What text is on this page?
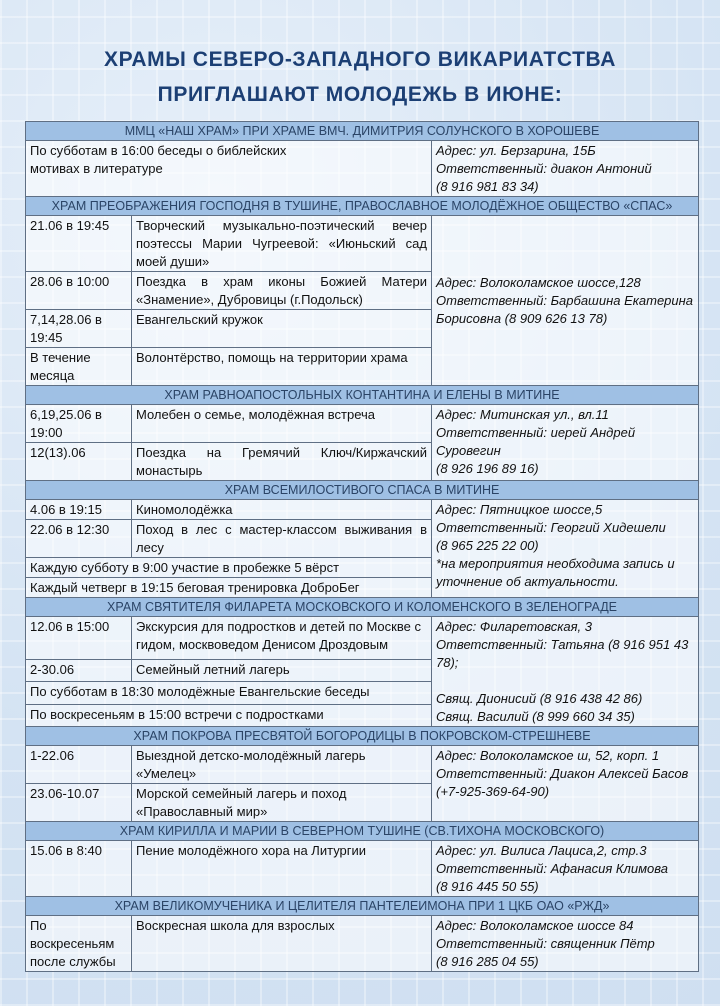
ХРАМЫ СЕВЕРО-ЗАПАДНОГО ВИКАРИАТСТВА
ПРИГЛАШАЮТ МОЛОДЕЖЬ В ИЮНЕ:
ММЦ «НАШ ХРАМ» ПРИ ХРАМЕ ВМЧ. ДИМИТРИЯ СОЛУНСКОГО В ХОРОШЕВЕ		
По субботам в 16:00 беседы о библейских мотивах в литературе		Адрес: ул. Берзарина, 15Б
Ответственный: диакон Антоний
(8 916 981 83 34)

ХРАМ ПРЕОБРАЖЕНИЯ ГОСПОДНЯ В ТУШИНЕ, ПРАВОСЛАВНОЕ МОЛОДЁЖНОЕ ОБЩЕСТВО «СПАС»		
21.06 в 19:45	Творческий музыкально-поэтический вечер поэтессы Марии Чугреевой: «Июньский сад моей души»	Адрес: Волоколамское шоссе,128
Ответственный: Барбашина Екатерина
Борисовна (8 909 626 13 78)

28.06 в 10:00	Поездка в храм иконы Божией Матери «Знамение», Дубровицы (г.Подольск)	
7,14,28.06 в 19:45	Евангельский кружок	
В течение месяца	Волонтёрство, помощь на территории храма	
ХРАМ РАВНОАПОСТОЛЬНЫХ КОНТАНТИНА И ЕЛЕНЫ В МИТИНЕ		
6,19,25.06 в 19:00	Молебен о семье, молодёжная встреча	Адрес: Митинская ул., вл.11
Ответственный: иерей Андрей Суровегин
(8 926 196 89 16)

12(13).06	Поездка на Гремячий Ключ/Киржачский монастырь	
ХРАМ ВСЕМИЛОСТИВОГО СПАСА В МИТИНЕ		
4.06 в 19:15	Киномолодёжка	Адрес: Пятницкое шоссе,5
Ответственный: Георгий Хидешели
(8 965 225 22 00)
*на мероприятия необходима запись и
уточнение об актуальности.

22.06 в 12:30	Поход в лес с мастер-классом выживания в лесу	
Каждую субботу в 9:00 участие в пробежке 5 вёрст		
Каждый четверг в 19:15 беговая тренировка ДоброБег		
ХРАМ СВЯТИТЕЛЯ ФИЛАРЕТА МОСКОВСКОГО И КОЛОМЕНСКОГО В ЗЕЛЕНОГРАДЕ		
12.06 в 15:00	Экскурсия для подростков и детей по Москве с гидом, москвоведом Денисом Дроздовым	Адрес: Филаретовская, 3
Ответственный: Татьяна (8 916 951 43 78);
Свящ. Дионисий (8 916 438 42 86)
Свящ. Василий (8 999 660 34 35)

2-30.06	Семейный летний лагерь	
По субботам в 18:30 молодёжные Евангельские беседы		
По воскресеньям в 15:00 встречи с подростками		
ХРАМ ПОКРОВА ПРЕСВЯТОЙ БОГОРОДИЦЫ В ПОКРОВСКОМ-СТРЕШНЕВЕ		
1-22.06	Выездной детско-молодёжный лагерь «Умелец»	Адрес: Волоколамское ш, 52, корп. 1
Ответственный: Диакон Алексей Басов
(+7-925-369-64-90)

23.06-10.07	Морской семейный лагерь и поход «Православный мир»	
ХРАМ КИРИЛЛА И МАРИИ В СЕВЕРНОМ ТУШИНЕ (СВ.ТИХОНА МОСКОВСКОГО)		
15.06 в 8:40	Пение молодёжного хора на Литургии	Адрес: ул. Вилиса Лациса,2, стр.3
Ответственный: Афанасия Климова
(8 916 445 50 55)

ХРАМ ВЕЛИКОМУЧЕНИКА И ЦЕЛИТЕЛЯ ПАНТЕЛЕИМОНА ПРИ 1 ЦКБ ОАО «РЖД»		
По воскресеньям после службы	Воскресная школа для взрослых	Адрес: Волоколамское шоссе 84
Ответственный: священник Пётр
(8 916 285 04 55)
